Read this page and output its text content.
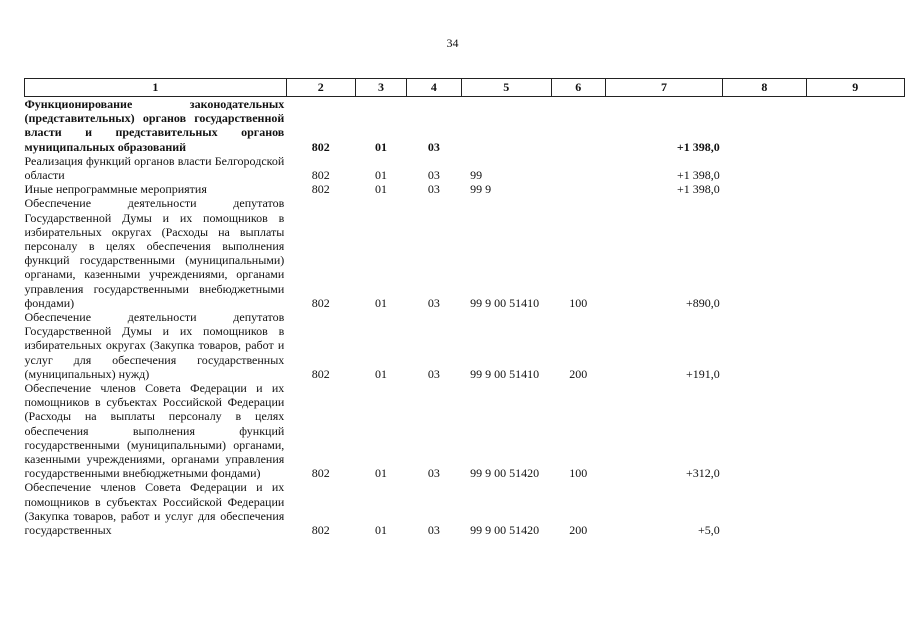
34
1	2	3	4	5	6	7	8	9
Функционирование законодательных (представительных) органов государственной власти и представительных органов муниципальных образований	802	01	03			+1 398,0		
Реализация функций органов власти Белгородской области	802	01	03	99		+1 398,0		
Иные непрограммные мероприятия	802	01	03	99 9		+1 398,0		
Обеспечение деятельности депутатов Государственной Думы и их помощников в избирательных округах (Расходы на выплаты персоналу в целях обеспечения выполнения функций государственными (муниципальными) органами, казенными учреждениями, органами управления государственными внебюджетными фондами)	802	01	03	99 9 00 51410	100	+890,0		
Обеспечение деятельности депутатов Государственной Думы и их помощников в избирательных округах (Закупка товаров, работ и услуг для обеспечения государственных (муниципальных) нужд)	802	01	03	99 9 00 51410	200	+191,0		
Обеспечение членов Совета Федерации и их помощников в субъектах Российской Федерации (Расходы на выплаты персоналу в целях обеспечения выполнения функций государственными (муниципальными) органами, казенными учреждениями, органами управления государственными внебюджетными фондами)	802	01	03	99 9 00 51420	100	+312,0		
Обеспечение членов Совета Федерации и их помощников в субъектах Российской Федерации (Закупка товаров, работ и услуг для обеспечения государственных	802	01	03	99 9 00 51420	200	+5,0		
